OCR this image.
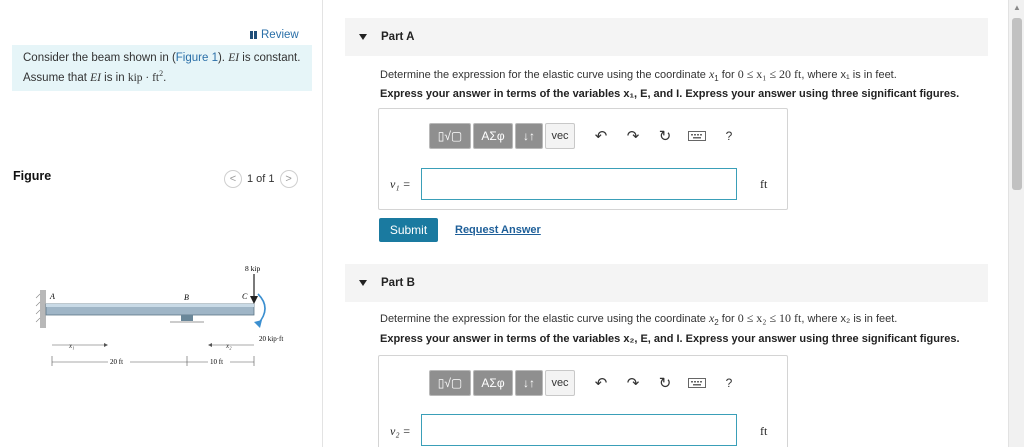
Review
Consider the beam shown in (Figure 1). EI is constant.
Assume that EI is in kip · $ft^2$.
Figure	< 1 of 1 >
A	B	C
8 kip
20 kip·ft
x₁	x₂
20 ft	10 ft
Part A
Determine the expression for the elastic curve using the coordinate $x_1$ for 0 ≤ x₁ ≤ 20 ft, where x₁ is in feet.
Express your answer in terms of the variables x₁, E, and I. Express your answer using three significant figures.
▯√▢	ΑΣφ	↓↑	vec	↶	↷	↻	?
v₁ =	ft
Submit	Request Answer
Part B
Determine the expression for the elastic curve using the coordinate $x_2$ for 0 ≤ x₂ ≤ 10 ft, where x₂ is in feet.
Express your answer in terms of the variables x₂, E, and I. Express your answer using three significant figures.
▯√▢	ΑΣφ	↓↑	vec	↶	↷	↻	?
v₂ =	ft
▲
